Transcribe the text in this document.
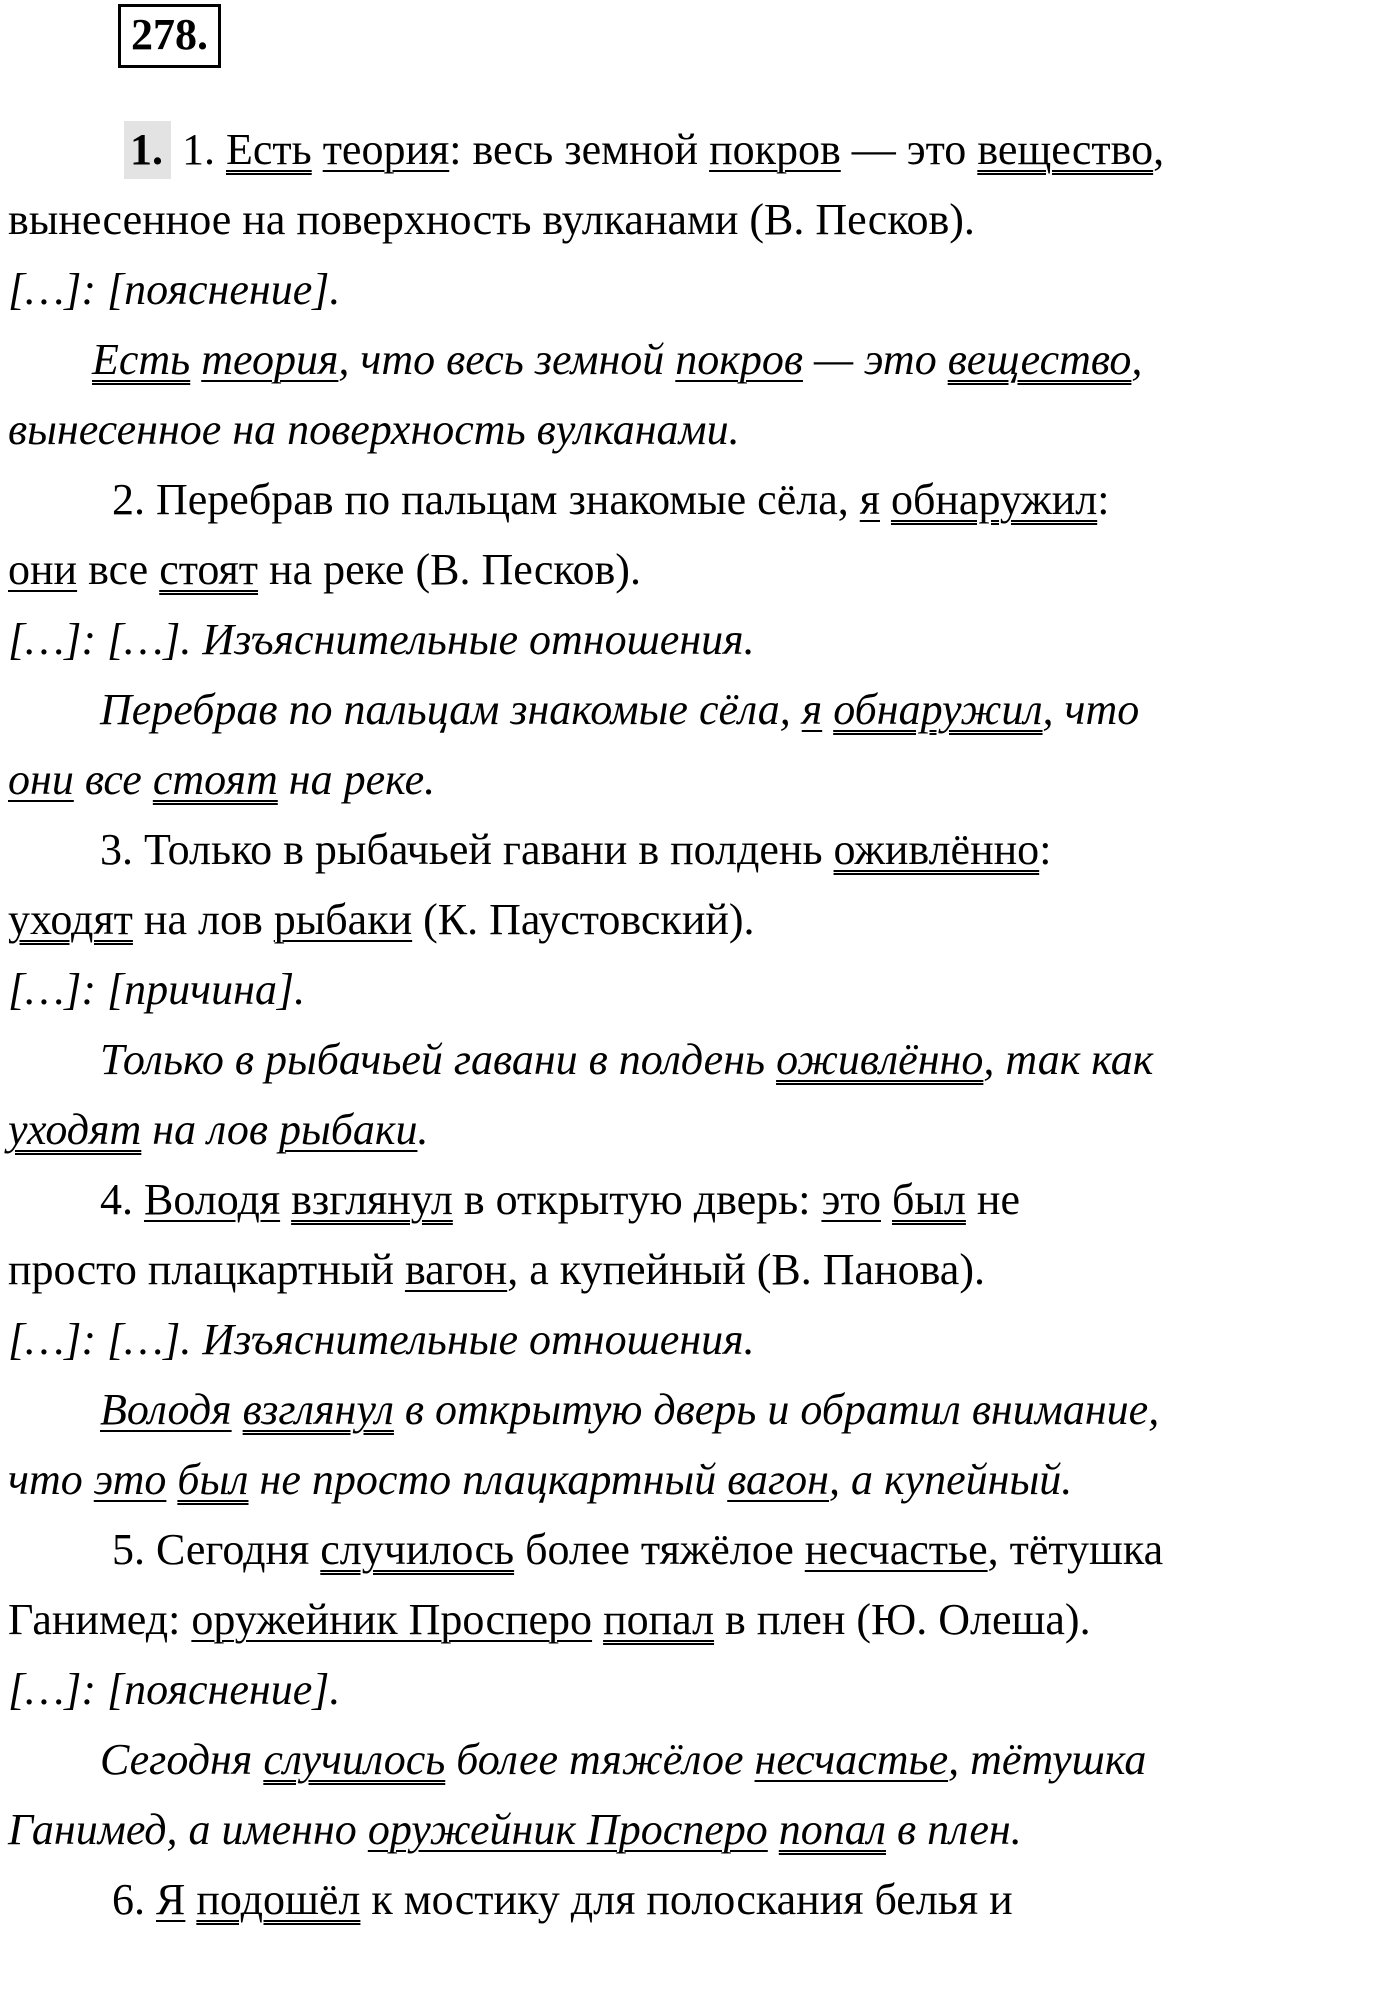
278.
1. 1. Есть теория: весь земной покров — это вещество,
вынесенное на поверхность вулканами (В. Песков).
[…]: [пояснение].
Есть теория, что весь земной покров — это вещество,
вынесенное на поверхность вулканами.
2. Перебрав по пальцам знакомые сёла, я обнаружил:
они все стоят на реке (В. Песков).
[…]: […]. Изъяснительные отношения.
Перебрав по пальцам знакомые сёла, я обнаружил, что
они все стоят на реке.
3. Только в рыбачьей гавани в полдень оживлённо:
уходят на лов рыбаки (К. Паустовский).
[…]: [причина].
Только в рыбачьей гавани в полдень оживлённо, так как
уходят на лов рыбаки.
4. Володя взглянул в открытую дверь: это был не
просто плацкартный вагон, а купейный (В. Панова).
[…]: […]. Изъяснительные отношения.
Володя взглянул в открытую дверь и обратил внимание,
что это был не просто плацкартный вагон, а купейный.
5. Сегодня случилось более тяжёлое несчастье, тётушка
Ганимед: оружейник Просперо попал в плен (Ю. Олеша).
[…]: [пояснение].
Сегодня случилось более тяжёлое несчастье, тётушка
Ганимед, а именно оружейник Просперо попал в плен.
6. Я подошёл к мостику для полоскания белья и
